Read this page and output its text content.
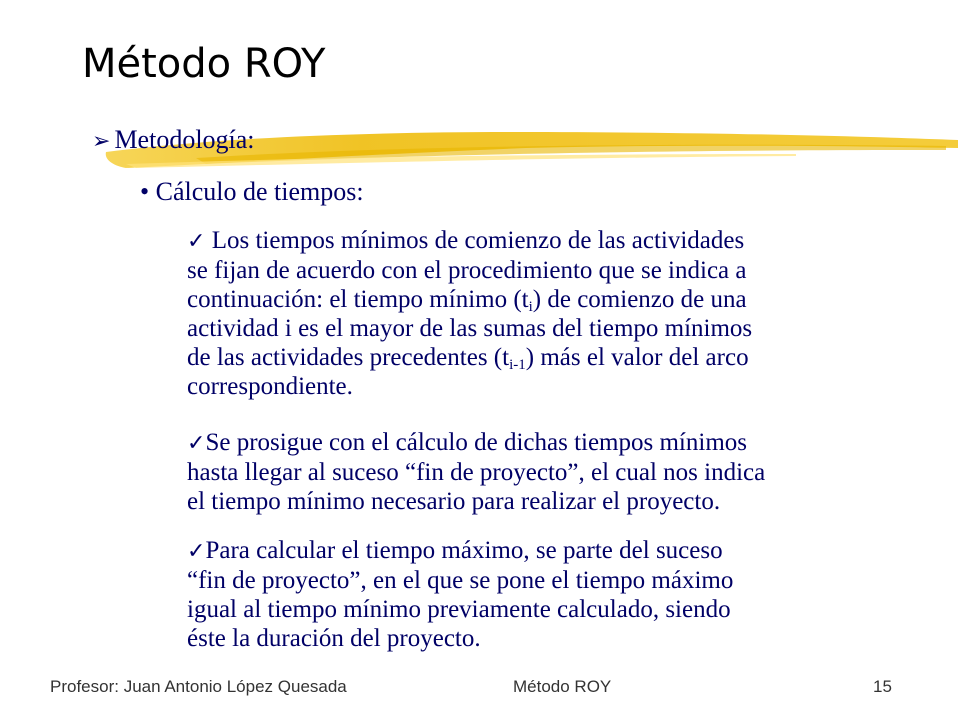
Método ROY
➢ Metodología:
• Cálculo de tiempos:
✓ Los tiempos mínimos de comienzo de las actividades
se fijan de acuerdo con el procedimiento que se indica a
continuación: el tiempo mínimo $(t_i)$ de comienzo de una
actividad i es el mayor de las sumas del tiempo mínimos
de las actividades precedentes $(t_{i-1})$ más el valor del arco
correspondiente.
✓Se prosigue con el cálculo de dichas tiempos mínimos
hasta llegar al suceso “fin de proyecto”, el cual nos indica
el tiempo mínimo necesario para realizar el proyecto.
✓Para calcular el tiempo máximo, se parte del suceso
“fin de proyecto”, en el que se pone el tiempo máximo
igual al tiempo mínimo previamente calculado, siendo
éste la duración del proyecto.
Profesor: Juan Antonio López Quesada	Método ROY	15
